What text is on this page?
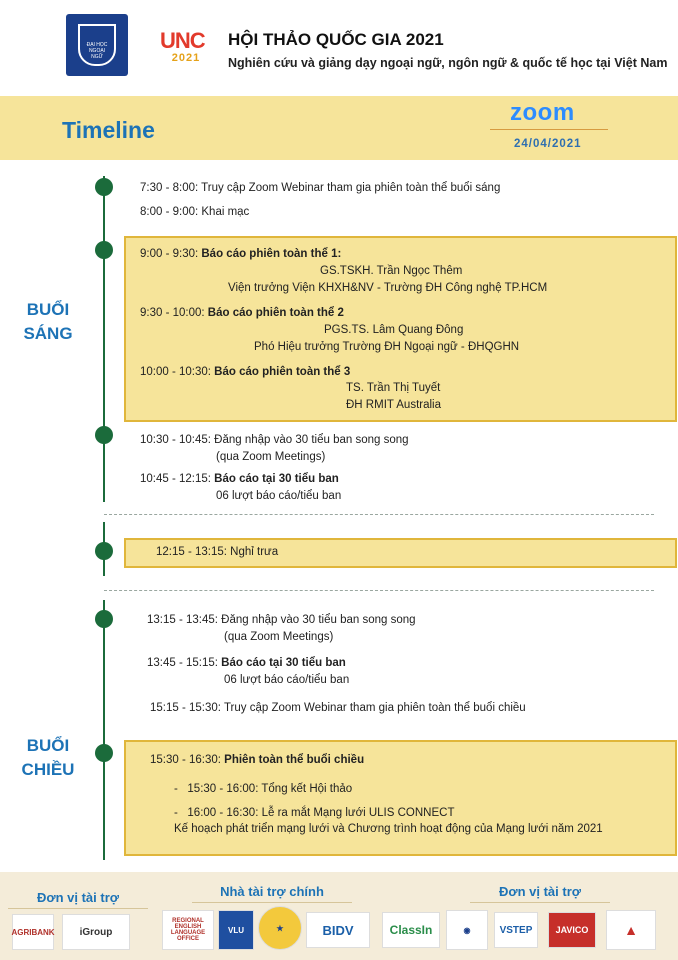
ĐẠI HỌC NGOẠI NGỮ
UNC
2021
HỘI THẢO QUỐC GIA 2021
Nghiên cứu và giảng dạy ngoại ngữ, ngôn ngữ & quốc tế học tại Việt Nam
Timeline
zoom
24/04/2021
BUỔI
SÁNG
BUỔI
CHIỀU
7:30 - 8:00: Truy cập Zoom Webinar tham gia phiên toàn thể buổi sáng
8:00 - 9:00: Khai mạc
9:00 - 9:30: Báo cáo phiên toàn thể 1:
GS.TSKH. Trần Ngọc Thêm
Viện trưởng Viện KHXH&NV - Trường ĐH Công nghệ TP.HCM
9:30 - 10:00: Báo cáo phiên toàn thể 2
PGS.TS. Lâm Quang Đông
Phó Hiệu trưởng Trường ĐH Ngoại ngữ - ĐHQGHN
10:00 - 10:30: Báo cáo phiên toàn thể 3
TS. Trần Thị Tuyết
ĐH RMIT Australia
10:30 - 10:45: Đăng nhập vào 30 tiểu ban song song
(qua Zoom Meetings)
10:45 - 12:15: Báo cáo tại 30 tiểu ban
06 lượt báo cáo/tiểu ban
12:15 - 13:15: Nghỉ trưa
13:15 - 13:45: Đăng nhập vào 30 tiểu ban song song
(qua Zoom Meetings)
13:45 - 15:15: Báo cáo tại 30 tiểu ban
06 lượt báo cáo/tiểu ban
15:15 - 15:30: Truy cập Zoom Webinar tham gia phiên toàn thể buổi chiều
15:30 - 16:30: Phiên toàn thể buổi chiều
-   15:30 - 16:00: Tổng kết Hội thảo
-   16:00 - 16:30: Lễ ra mắt Mạng lưới ULIS CONNECT
Kế hoạch phát triển mạng lưới và Chương trình hoạt động của Mạng lưới năm 2021
Đơn vị tài trợ	Nhà tài trợ chính	Đơn vị tài trợ
AGRIBANK	iGroup
REGIONAL ENGLISH LANGUAGE OFFICE
VLU	★	BIDV	ClassIn	◉	VSTEP	JAVICO	▲
